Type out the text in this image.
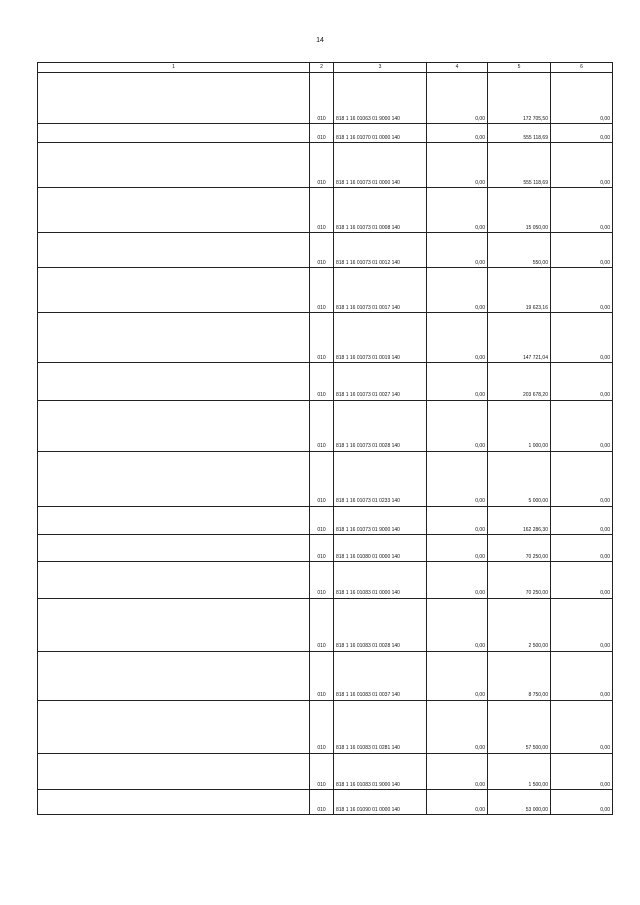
14
1	2	3	4	5	6
	010	818 1 16 01063 01 9000 140	0,00	172 705,50	0,00
	010	818 1 16 01070 01 0000 140	0,00	555 118,69	0,00
	010	818 1 16 01073 01 0000 140	0,00	555 118,69	0,00
	010	818 1 16 01073 01 0008 140	0,00	15 050,00	0,00
	010	818 1 16 01073 01 0012 140	0,00	550,00	0,00
	010	818 1 16 01073 01 0017 140	0,00	19 623,16	0,00
	010	818 1 16 01073 01 0019 140	0,00	147 721,04	0,00
	010	818 1 16 01073 01 0027 140	0,00	203 678,20	0,00
	010	818 1 16 01073 01 0028 140	0,00	1 000,00	0,00
	010	818 1 16 01073 01 0233 140	0,00	5 000,00	0,00
	010	818 1 16 01073 01 9000 140	0,00	162 286,30	0,00
	010	818 1 16 01080 01 0000 140	0,00	70 250,00	0,00
	010	818 1 16 01083 01 0000 140	0,00	70 250,00	0,00
	010	818 1 16 01083 01 0028 140	0,00	2 500,00	0,00
	010	818 1 16 01083 01 0037 140	0,00	8 750,00	0,00
	010	818 1 16 01083 01 0281 140	0,00	57 500,00	0,00
	010	818 1 16 01083 01 9000 140	0,00	1 500,00	0,00
	010	818 1 16 01090 01 0000 140	0,00	53 000,00	0,00
